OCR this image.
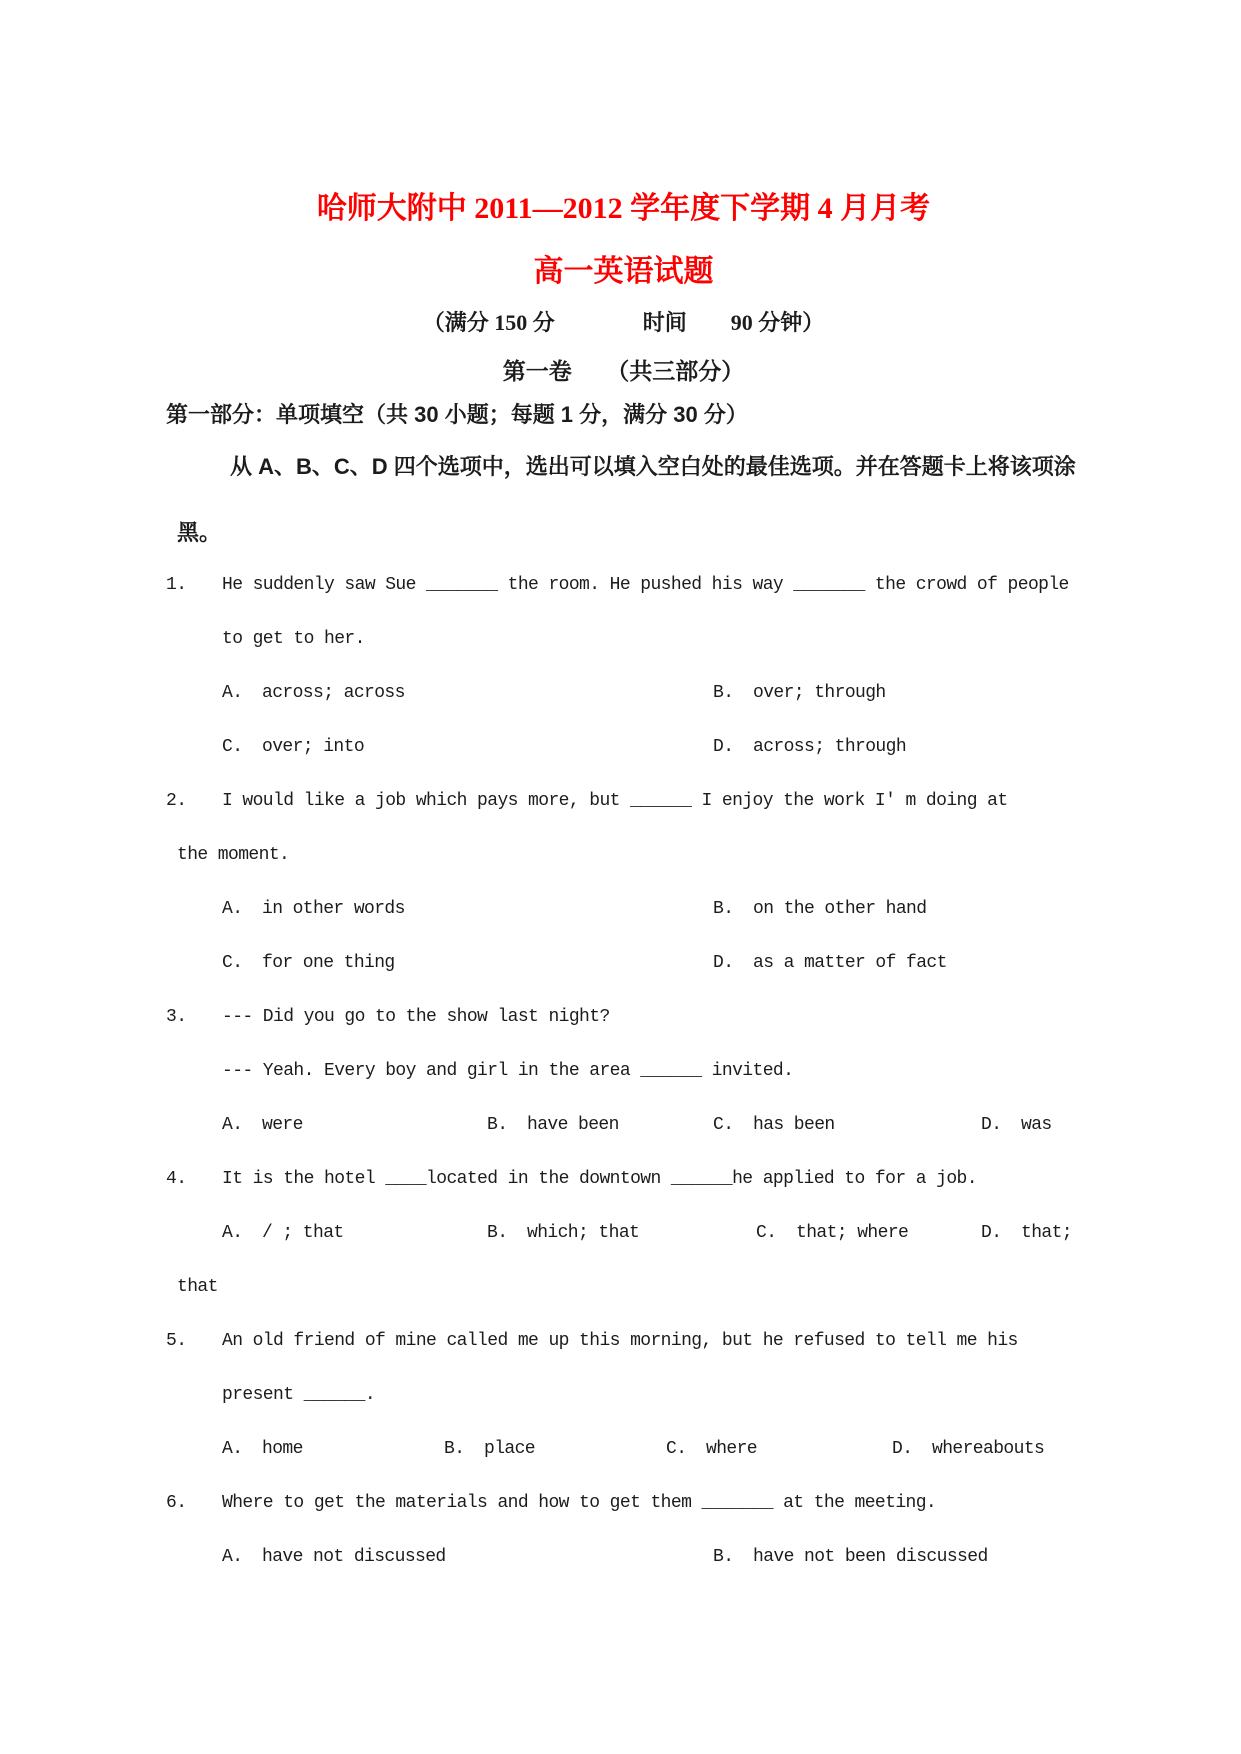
哈师大附中 2011—2012 学年度下学期 4 月月考
高一英语试题
（满分 150 分　　　　时间　　90 分钟）
第一卷　　（共三部分）
第一部分：单项填空（共 30 小题；每题 1 分，满分 30 分）
从 A、B、C、D 四个选项中，选出可以填入空白处的最佳选项。并在答题卡上将该项涂
黑。
1.	He suddenly saw Sue _______ the room. He pushed his way _______ the crowd of people
to get to her.
A. across; across	B. over; through
C. over; into	D. across; through
2.	I would like a job which pays more, but ______ I enjoy the work I' m doing at
the moment.
A. in other words	B. on the other hand
C. for one thing	D. as a matter of fact
3.	--- Did you go to the show last night?
--- Yeah. Every boy and girl in the area ______ invited.
A. were	B. have been	C. has been	D. was
4.	It is the hotel ____located in the downtown ______he applied to for a job.
A. / ; that	B. which; that	C. that; where	D. that;
that
5.	An old friend of mine called me up this morning, but he refused to tell me his
present ______.
A. home	B. place	C. where	D. whereabouts
6.	Where to get the materials and how to get them _______ at the meeting.
A. have not discussed	B. have not been discussed
